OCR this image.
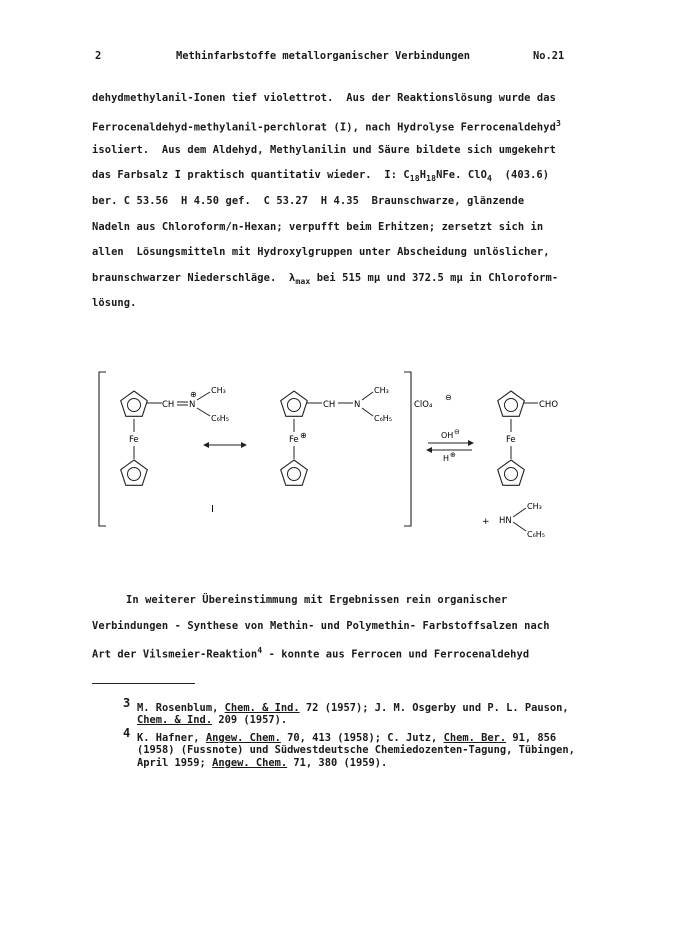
2	Methinfarbstoffe metallorganischer Verbindungen	No.21
dehydmethylanil-Ionen tief violettrot.  Aus der Reaktionslösung wurde das
Ferrocenaldehyd-methylanil-perchlorat (I), nach Hydrolyse Ferrocenaldehyd$^3$
isoliert.  Aus dem Aldehyd, Methylanilin und Säure bildete sich umgekehrt
das Farbsalz I praktisch quantitativ wieder.  I: $C_{18}H_{18}NFe$. ClO$_4$  (403.6)
ber. C 53.56  H 4.50 gef.  C 53.27  H 4.35  Braunschwarze, glänzende
Nadeln aus Chloroform/n-Hexan; verpufft beim Erhitzen; zersetzt sich in
allen  Lösungsmitteln mit Hydroxylgruppen unter Abscheidung unlöslicher,
braunschwarzer Niederschläge.  $\lambda_{max}$ bei 515 mμ und 372.5 mμ in Chloroform-
lösung.
CH N
⊕ CH₃
C₆H₅
Fe
CH N
CH₃
C₆H₅
Fe ⊕
I
ClO₄
⊖
OH ⊖
H ⊕
CHO
Fe
+ HN
CH₃
C₆H₅
In weiterer Übereinstimmung mit Ergebnissen rein organischer
Verbindungen - Synthese von Methin- und Polymethin- Farbstoffsalzen nach
Art der Vilsmeier-Reaktion$^4$ - konnte aus Ferrocen und Ferrocenaldehyd
3 M. Rosenblum, Chem. & Ind. 72 (1957); J. M. Osgerby und P. L. Pauson,
Chem. & Ind. 209 (1957).
4 K. Hafner, Angew. Chem. 70, 413 (1958); C. Jutz, Chem. Ber. 91, 856
(1958) (Fussnote) und Südwestdeutsche Chemiedozenten-Tagung, Tübingen,
April 1959; Angew. Chem. 71, 380 (1959).
